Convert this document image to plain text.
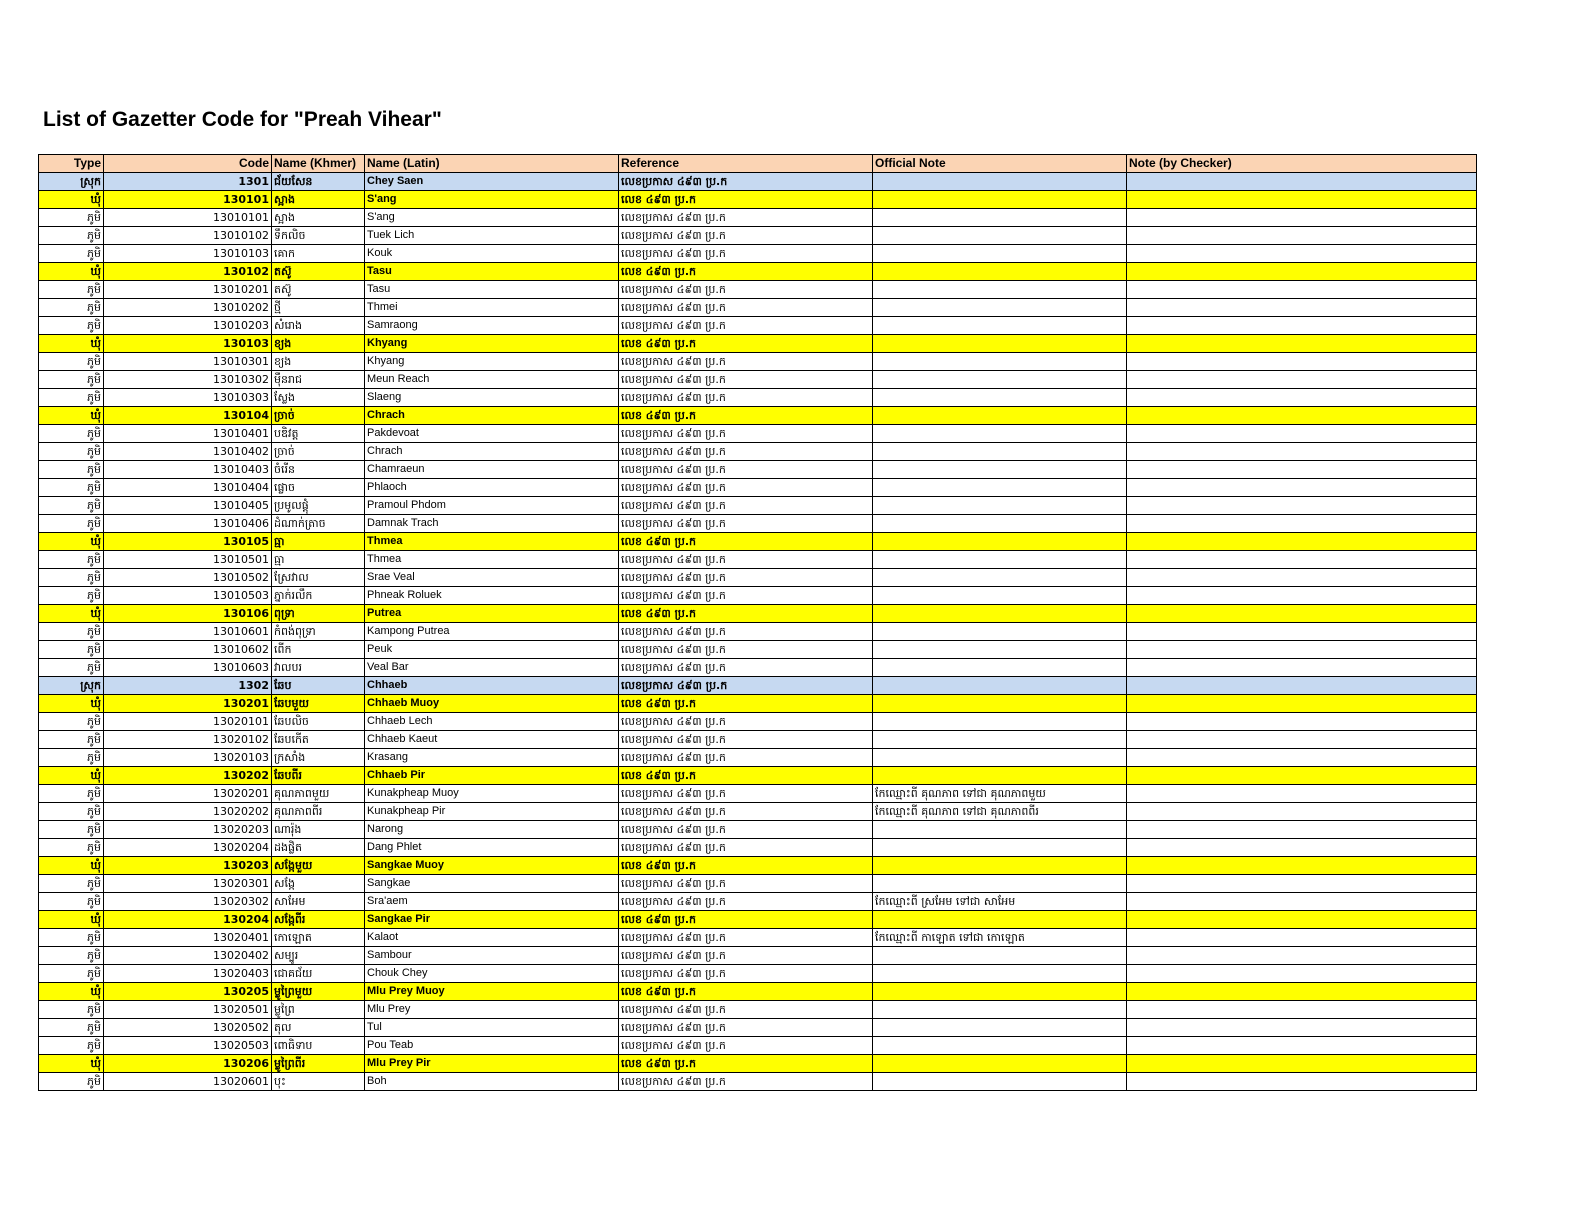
List of Gazetter Code for "Preah Vihear"
Type	Code	Name (Khmer)	Name (Latin)	Reference	Official Note	Note (by Checker)
ស្រុក	1301	ជ័យសែន	Chey Saen	លេខប្រកាស ៤៩៣ ប្រ.ក		
ឃុំ	130101	ស្អាង	S'ang	លេខ ៤៩៣ ប្រ.ក		
ភូមិ	13010101	ស្អាង	S'ang	លេខប្រកាស ៤៩៣ ប្រ.ក		
ភូមិ	13010102	ទឹកលិច	Tuek Lich	លេខប្រកាស ៤៩៣ ប្រ.ក		
ភូមិ	13010103	គោក	Kouk	លេខប្រកាស ៤៩៣ ប្រ.ក		
ឃុំ	130102	តស៊ូ	Tasu	លេខ ៤៩៣ ប្រ.ក		
ភូមិ	13010201	តស៊ូ	Tasu	លេខប្រកាស ៤៩៣ ប្រ.ក		
ភូមិ	13010202	ថ្មី	Thmei	លេខប្រកាស ៤៩៣ ប្រ.ក		
ភូមិ	13010203	សំរោង	Samraong	លេខប្រកាស ៤៩៣ ប្រ.ក		
ឃុំ	130103	ខ្យង	Khyang	លេខ ៤៩៣ ប្រ.ក		
ភូមិ	13010301	ខ្យង	Khyang	លេខប្រកាស ៤៩៣ ប្រ.ក		
ភូមិ	13010302	ម៉ឺនរាជ	Meun Reach	លេខប្រកាស ៤៩៣ ប្រ.ក		
ភូមិ	13010303	ស្លែង	Slaeng	លេខប្រកាស ៤៩៣ ប្រ.ក		
ឃុំ	130104	ច្រាច់	Chrach	លេខ ៤៩៣ ប្រ.ក		
ភូមិ	13010401	បឌិវត្ត	Pakdevoat	លេខប្រកាស ៤៩៣ ប្រ.ក		
ភូមិ	13010402	ច្រាច់	Chrach	លេខប្រកាស ៤៩៣ ប្រ.ក		
ភូមិ	13010403	ចំរើន	Chamraeun	លេខប្រកាស ៤៩៣ ប្រ.ក		
ភូមិ	13010404	ផ្លោច	Phlaoch	លេខប្រកាស ៤៩៣ ប្រ.ក		
ភូមិ	13010405	ប្រមូលផ្តុំ	Pramoul Phdom	លេខប្រកាស ៤៩៣ ប្រ.ក		
ភូមិ	13010406	ដំណាក់ត្រាច	Damnak Trach	លេខប្រកាស ៤៩៣ ប្រ.ក		
ឃុំ	130105	ធ្មា	Thmea	លេខ ៤៩៣ ប្រ.ក		
ភូមិ	13010501	ធ្មា	Thmea	លេខប្រកាស ៤៩៣ ប្រ.ក		
ភូមិ	13010502	ស្រែវាល	Srae Veal	លេខប្រកាស ៤៩៣ ប្រ.ក		
ភូមិ	13010503	ភ្នាក់រលឹក	Phneak Roluek	លេខប្រកាស ៤៩៣ ប្រ.ក		
ឃុំ	130106	ពុទ្រា	Putrea	លេខ ៤៩៣ ប្រ.ក		
ភូមិ	13010601	កំពង់ពុទ្រា	Kampong Putrea	លេខប្រកាស ៤៩៣ ប្រ.ក		
ភូមិ	13010602	ពើក	Peuk	លេខប្រកាស ៤៩៣ ប្រ.ក		
ភូមិ	13010603	វាលបរ	Veal Bar	លេខប្រកាស ៤៩៣ ប្រ.ក		
ស្រុក	1302	ឆែប	Chhaeb	លេខប្រកាស ៤៩៣ ប្រ.ក		
ឃុំ	130201	ឆែបមួយ	Chhaeb Muoy	លេខ ៤៩៣ ប្រ.ក		
ភូមិ	13020101	ឆែបលិច	Chhaeb Lech	លេខប្រកាស ៤៩៣ ប្រ.ក		
ភូមិ	13020102	ឆែបកើត	Chhaeb Kaeut	លេខប្រកាស ៤៩៣ ប្រ.ក		
ភូមិ	13020103	ក្រសាំង	Krasang	លេខប្រកាស ៤៩៣ ប្រ.ក		
ឃុំ	130202	ឆែបពីរ	Chhaeb Pir	លេខ ៤៩៣ ប្រ.ក		
ភូមិ	13020201	គុណភាពមួយ	Kunakpheap Muoy	លេខប្រកាស ៤៩៣ ប្រ.ក	កែឈ្មោះពី គុណភាព ទៅជា គុណភាពមួយ	
ភូមិ	13020202	គុណភាពពីរ	Kunakpheap Pir	លេខប្រកាស ៤៩៣ ប្រ.ក	កែឈ្មោះពី គុណភាព ទៅជា គុណភាពពីរ	
ភូមិ	13020203	ណារ៉ុង	Narong	លេខប្រកាស ៤៩៣ ប្រ.ក		
ភូមិ	13020204	ដងផ្លិត	Dang Phlet	លេខប្រកាស ៤៩៣ ប្រ.ក		
ឃុំ	130203	សង្កែមួយ	Sangkae Muoy	លេខ ៤៩៣ ប្រ.ក		
ភូមិ	13020301	សង្កែ	Sangkae	លេខប្រកាស ៤៩៣ ប្រ.ក		
ភូមិ	13020302	សាអែម	Sra'aem	លេខប្រកាស ៤៩៣ ប្រ.ក	កែឈ្មោះពី ស្រអែម ទៅជា សាអែម	
ឃុំ	130204	សង្កែពីរ	Sangkae Pir	លេខ ៤៩៣ ប្រ.ក		
ភូមិ	13020401	កោឡោត	Kalaot	លេខប្រកាស ៤៩៣ ប្រ.ក	កែឈ្មោះពី កាឡោត ទៅជា កោឡោត	
ភូមិ	13020402	សម្បូរ	Sambour	លេខប្រកាស ៤៩៣ ប្រ.ក		
ភូមិ	13020403	ជោគជ័យ	Chouk Chey	លេខប្រកាស ៤៩៣ ប្រ.ក		
ឃុំ	130205	ម្លូព្រៃមួយ	Mlu Prey Muoy	លេខ ៤៩៣ ប្រ.ក		
ភូមិ	13020501	ម្លូព្រៃ	Mlu Prey	លេខប្រកាស ៤៩៣ ប្រ.ក		
ភូមិ	13020502	តុល	Tul	លេខប្រកាស ៤៩៣ ប្រ.ក		
ភូមិ	13020503	ពោធិទាប	Pou Teab	លេខប្រកាស ៤៩៣ ប្រ.ក		
ឃុំ	130206	ម្លូព្រៃពីរ	Mlu Prey Pir	លេខ ៤៩៣ ប្រ.ក		
ភូមិ	13020601	បុះ	Boh	លេខប្រកាស ៤៩៣ ប្រ.ក		
